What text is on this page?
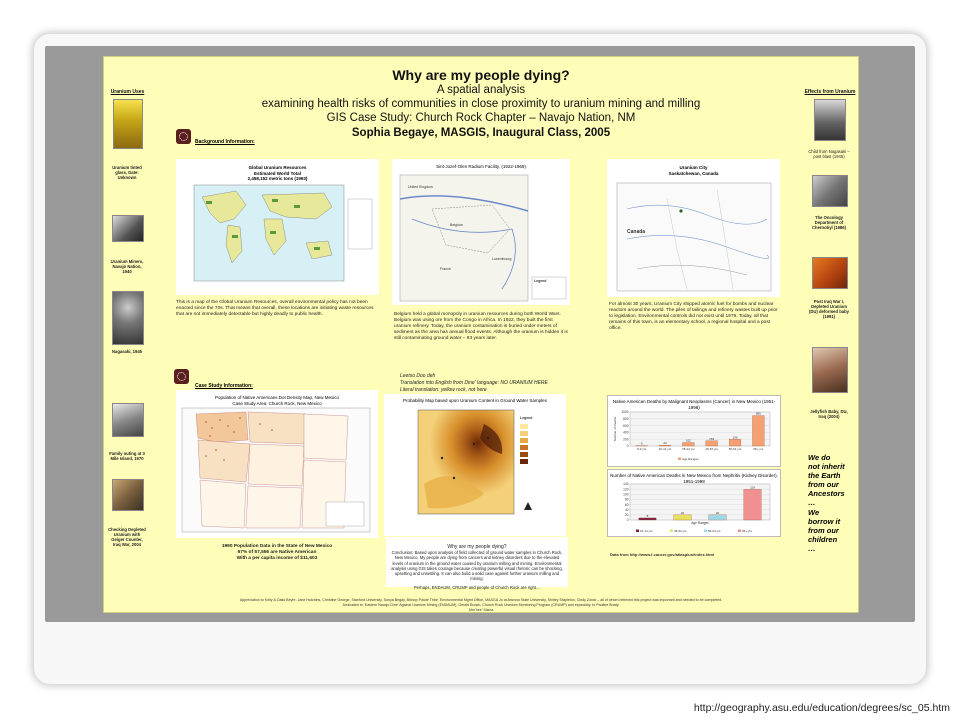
Why are my people dying?

A spatial analysis

examining health risks of communities in close proximity to uranium mining and milling

GIS Case Study: Church Rock Chapter – Navajo Nation, NM

Sophia Begaye, MASGIS, Inaugural Class, 2005

Uranium Uses

Uranium tinted glass, Date: Unknown

Uranium Miners, Navajo Nation, 1940

Nagasaki, 1945

Family outing at 3 Mile Island, 1970

Checking Depleted Uranium with Geiger Counter, Iraq War, 2004

Effects from Uranium

Child from Nagasaki – post blast (1945)

The Oncology Department of Chernobyl (1986)

Post Iraq War I, Depleted Uranium (DU) deformed baby (1991)

Jellyfish Baby, DU, Iraq (2004)

We do

not inherit

the Earth

from our

Ancestors

…

We

borrow it

from our

children

…

Background Information:

Global Uranium Resources
Estimated World Total
2,458,152 metric tons (1993)

This is a map of the Global Uranium Resources, overall environmental policy has not been enacted since the 70s. That means that overall, these locations are initiating waste resources that are not immediately detectable but highly deadly to public health.

Sint-Jozef-Olen Radium Facility, (1922-1969)
United Kingdom
Belgium
France
Luxembourg
Legend

Belgium held a global monopoly in uranium resources during both World Wars. Belgium was using ore from the Congo in Africa. In 1922, they built the first uranium refinery. Today, the uranium contamination is buried under meters of sediment as the area has annual flood events. Although the uranium is hidden it is still contaminating ground water – 83 years later.

Uranium City
Saskatchewan, Canada
Canada

For almost 30 years, Uranium City shipped atomic fuel for bombs and nuclear reactors around the world. The piles of tailings and refinery wastes built up prior to legislation. Environmental controls did not exist until 1979. Today, all that remains of this town, is an elementary school, a regional hospital and a post office.

Case Study Information:

Population of Native Americans Dot Density Map, New Mexico
Case Study Area: Church Rock, New Mexico

1990 Population Data in the State of New Mexico

67% of 57,556 are Native American

With a per capita income of $11,603

Leetso Doo deh

Translation into English from Dine' language: NO URANIUM HERE

Literal translation: yellow rock, not here

Probability Map based upon Uranium Content in Ground Water Samples
Legend

Why are my people dying?

Conclusion: Based upon analysis of field collected of ground water samples in Church Rock, New Mexico, My people are dying from cancers and kidney disorders due to the elevated levels of uranium in the ground water caused by uranium milling and mining. Environmental analysis using GIS takes courage because creating powerful visual rhetoric can be shocking, upsetting and unsettling. It can also build a solid case against further uranium milling and mining.

Perhaps, ENDAUM, CRUMP and people of Church Rock are right…

Native American Deaths by Malignant Neoplasms (Cancer) in New Mexico (1951-1998)
1000
800
600
400
200
0
9
5-9 yrs
23
10-14 yrs
102
35-44 yrs
153
45-54 yrs
196
55-64 yrs
895
65+ yrs
Number of Deaths
Age Ranges
Number of Native American Deaths in New Mexico from Nephritis (Kidney Disorder), 1951-1998
140
120
100
80
60
40
20
0
8
20	20
119
Age Ranges
15-14 yrs	45-54 yrs	55-64 yrs	65+ yrs

Data from http://www.f.cancer.gov/atlasplus/index.html

Appreciation to Kelly & Dalia Beyre, Jane Hutchins, Christine George, Stanford University, Sonya Begay, Bishop Paiute Tribe, Environmental Mgmt Office, MASGA Jo at Arizona State University, Shirley Stapleton, Cindy Zonar – all of whom believed this project was important and needed to be completed.

Dedicated to: Eastern Navajo Dine' Against Uranium Mining (ENDAUM), Gerald Brown, Church Rock Uranium Monitoring Program (CRUMP) and especially, to Pauline Brady.

Ahe'hee' Sisma

http://geography.asu.edu/education/degrees/sc_05.htm
